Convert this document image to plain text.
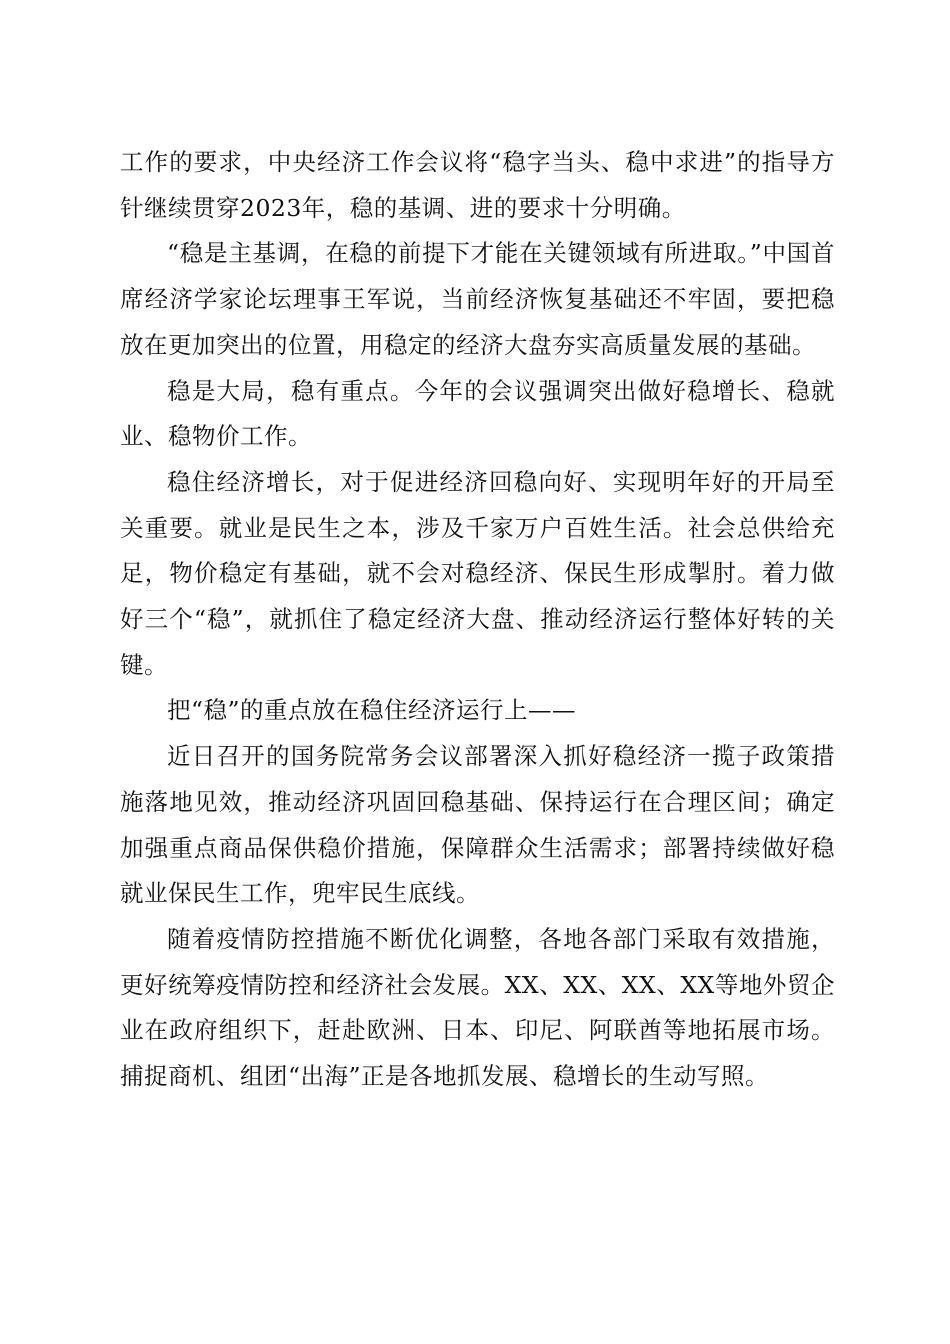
工作的要求，中央经济工作会议将“稳字当头、稳中求进”的指导方针继续贯穿2023年，稳的基调、进的要求十分明确。

“稳是主基调，在稳的前提下才能在关键领域有所进取。”中国首席经济学家论坛理事王军说，当前经济恢复基础还不牢固，要把稳放在更加突出的位置，用稳定的经济大盘夯实高质量发展的基础。

稳是大局，稳有重点。今年的会议强调突出做好稳增长、稳就业、稳物价工作。

稳住经济增长，对于促进经济回稳向好、实现明年好的开局至关重要。就业是民生之本，涉及千家万户百姓生活。社会总供给充足，物价稳定有基础，就不会对稳经济、保民生形成掣肘。着力做好三个“稳”，就抓住了稳定经济大盘、推动经济运行整体好转的关键。

把“稳”的重点放在稳住经济运行上——

近日召开的国务院常务会议部署深入抓好稳经济一揽子政策措施落地见效，推动经济巩固回稳基础、保持运行在合理区间；确定加强重点商品保供稳价措施，保障群众生活需求；部署持续做好稳就业保民生工作，兜牢民生底线。

随着疫情防控措施不断优化调整，各地各部门采取有效措施，更好统筹疫情防控和经济社会发展。XX、XX、XX、XX等地外贸企业在政府组织下，赶赴欧洲、日本、印尼、阿联酋等地拓展市场。捕捉商机、组团“出海”正是各地抓发展、稳增长的生动写照。
